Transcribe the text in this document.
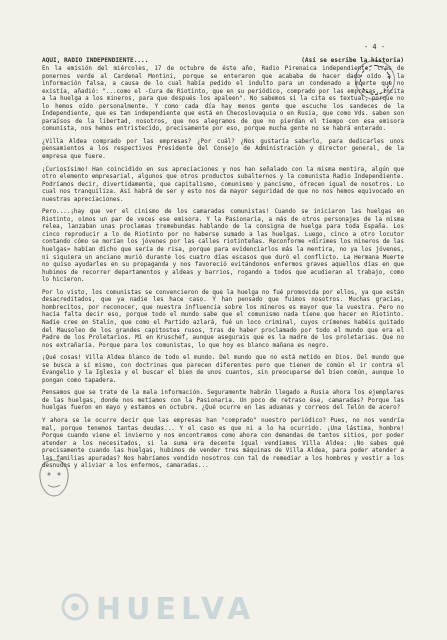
- 4 -
AQUI, RADIO INDEPENDIENTE....	(Así se escribe la historia)

En la emisión del miércoles, 17 de octubre de éste año, Radio Pirenaica independiente, tras de ponernos verde al Cardenal Montini, porque se enteraron que acababa de hacer dado oído a la información falsa, a causa de lo cual había pedido el indulto para un condenado a muerte que no existía, añadió: "...como el -Cura de Riotinto, que en su periódico, comprado por las empresas, incita a la huelga a los mineros, para que después los apaleen". No sabemos si la cita es textual, porque no lo hemos oído personalmente. Y como cada día hay menos gente que escuche los sandeces de la Independiente, que es tan independiente que está en Checoslovaquia o en Rusia, que como Vds. saben son paraísos de la libertad, nosotros, que nos alegramos de que no pierdan el tiempo con esa emisora comunista, nos hemos entristecido, precisamente por eso, porque mucha gente no se habrá enterado.

¿Villa Aldea comprado por las empresas? ¿Por cuál? ¿Nos gustaría saberlo, para dedicarles unos pensamientos a los respectivos Presidente del Consejo de Administración y director general, de la empresa que fuere.

¡Curiosísimo! Han coincidido en sus apreciaciones y nos han señalado con la misma mentira, algún que otro elemento empresarial, algunos que otros productos subalternos y la comunista Radio Independiente. Podríamos decir, divertidamente, que capitalismo, comunismo y pancismo, ofrecen igual de nosotros. Lo cual nos tranquiliza. Así habrá de ser y esto nos da mayor seguridad de que no nos hemos equivocado en nuestras apreciaciones.

Pero....¡hay que ver el cinismo de los camaradas comunistas! Cuando se iniciaron las huelgas en Riotinto, oímos un par de veces ese emisora. Y la Pasionaria, a más de otros personajes de la misma relea, lanzaban unas proclamas tremebundas hablando de la consigna de huelga para toda España. Los cinco reproducir a lo de Riotinto por no haberse sumado a las huelgas. Luego, cinco a otro locutor contando cómo se morían los jóvenes por las calles riotinteñas. Reconforme «dirimes los mineros de las huelgas» habían dicho que sería de risa, porque para evidenciarlos más la mentira, no ya los jóvenes, ni siquiera un anciano murió durante los cuatro días escasos que duró el conflicto. La Hermana Muerte no quiso ayudarles en su propaganda y nos favoreció evitándonos enfermos graves aquellos días en que hubimos de recorrer departamentos y aldeas y barrios, rogando a todos que acudieran al trabajo, como lo hicieron.

Por lo visto, los comunistas se convencieron de que la huelga no fué promovida por ellos, ya que están desacreditados, que ya nadie les hace caso. Y han pensado que fuimos nosotros. Muchas gracias, hombrecitos, por reconocer, que nuestra influencia sobre los mineros es mayor que la vuestra. Pero no hacía falta decir eso, porque todo el mundo sabe que el comunismo nada tiene que hacer en Riotinto. Nadie cree en Stalin, que como el Partido azlará, fué un loco criminal, cuyos crímenes habéis quitado del Mausoleo de los grandes capitostes rusos, tras de haber proclamado por todo el mundo que era el Padre de los Proletarios. Mí en Kruschef, aunque asegurais que es la madre de los proletarias. Que no nos extrañaría. Porque para los comunistas, lo que hoy es blanco mañana es negro.

¡Qué cosas! Villa Aldea blanco de todo el mundo. Del mundo que no está metido en Dios. Del mundo que se busca a sí mismo, con doctrinas que parecen diferentes pero que tienen de común el ir contra el Evangelio y la Iglesia y el buscar el bien de unos cuantos, sin preocuparse del bien común, aunque lo pongan como tapadera.

Pensamos que se trate de la mala información. Seguramente habrán llegado a Rusia ahora los ejemplares de las huelgas, donde nos metíamos con la Pasionaria. Un poco de retraso ése, camaradas? Porque las huelgas fueron en mayo y estamos en octubre. ¿Qué ocurre en las aduanas y correos del Telón de acero?

Y ahora se le ocurre decir que las empresas han "comprado" nuestro periódico? Pues, no nos vendría mal, porque tenemos tantas deudas... Y el caso es que ni a lo ha ocurrido. ¡Una lástima, hombre! Porque cuando viene el invierno y nos encontramos como ahora con demandas de tantos sitios, por poder atender a los necesitados, si la suma era decente igual vendíamos Villa Aldea: ¡No sabes qué precisamente cuando las huelgas, hubimos de vender tres máquinas de Villa Aldea, para poder atender a las familias apuradas? Nos habríamos vendido nosotros con tal de remediar a los hombres y vestir a los desnudos y aliviar a los enfermos, camaradas...

HUELVA
